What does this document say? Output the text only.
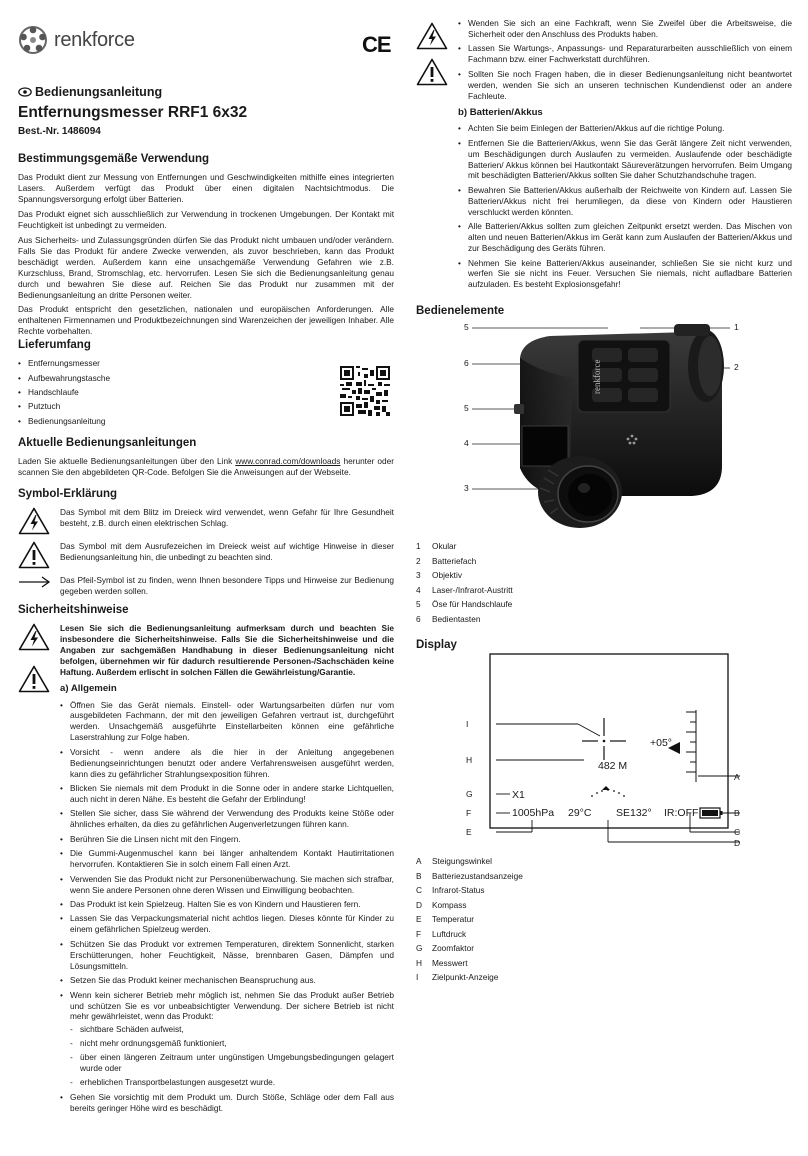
renkforce	CE
Bedienungsanleitung
Entfernungsmesser RRF1 6x32
Best.-Nr. 1486094
Bestimmungsgemäße Verwendung

Das Produkt dient zur Messung von Entfernungen und Geschwindigkeiten mithilfe eines integrierten Lasers. Außerdem verfügt das Produkt über einen digitalen Nachtsichtmodus. Die Spannungsversorgung erfolgt über Batterien.

Das Produkt eignet sich ausschließlich zur Verwendung in trockenen Umgebungen. Der Kontakt mit Feuchtigkeit ist unbedingt zu vermeiden.

Aus Sicherheits- und Zulassungsgründen dürfen Sie das Produkt nicht umbauen und/oder verändern. Falls Sie das Produkt für andere Zwecke verwenden, als zuvor beschrieben, kann das Produkt beschädigt werden. Außerdem kann eine unsachgemäße Verwendung Gefahren wie z.B. Kurzschluss, Brand, Stromschlag, etc. hervorrufen. Lesen Sie sich die Bedienungsanleitung genau durch und bewahren Sie diese auf. Reichen Sie das Produkt nur zusammen mit der Bedienungsanleitung an dritte Personen weiter.

Das Produkt entspricht den gesetzlichen, nationalen und europäischen Anforderungen. Alle enthaltenen Firmennamen und Produktbezeichnungen sind Warenzeichen der jeweiligen Inhaber. Alle Rechte vorbehalten.

Lieferumfang
• Entfernungsmesser
• Aufbewahrungstasche
• Handschlaufe
• Putztuch
• Bedienungsanleitung
Aktuelle Bedienungsanleitungen

Laden Sie aktuelle Bedienungsanleitungen über den Link www.conrad.com/downloads herunter oder scannen Sie den abgebildeten QR-Code. Befolgen Sie die Anweisungen auf der Webseite.

Symbol-Erklärung
Das Symbol mit dem Blitz im Dreieck wird verwendet, wenn Gefahr für Ihre Gesundheit besteht, z.B. durch einen elektrischen Schlag.
Das Symbol mit dem Ausrufezeichen im Dreieck weist auf wichtige Hinweise in dieser Bedienungsanleitung hin, die unbedingt zu beachten sind.
Das Pfeil-Symbol ist zu finden, wenn Ihnen besondere Tipps und Hinweise zur Bedienung gegeben werden sollen.
Sicherheitshinweise

Lesen Sie sich die Bedienungsanleitung aufmerksam durch und beachten Sie insbesondere die Sicherheitshinweise. Falls Sie die Sicherheitshinweise und die Angaben zur sachgemäßen Handhabung in dieser Bedienungsanleitung nicht befolgen, übernehmen wir für dadurch resultierende Personen-/Sachschäden keine Haftung. Außerdem erlischt in solchen Fällen die Gewährleistung/Garantie.

a) Allgemein
• Öffnen Sie das Gerät niemals. Einstell- oder Wartungsarbeiten dürfen nur vom ausgebildeten Fachmann, der mit den jeweiligen Gefahren vertraut ist, durchgeführt werden. Unsachgemäß ausgeführte Einstellarbeiten können eine gefährliche Laserstrahlung zur Folge haben.
• Vorsicht - wenn andere als die hier in der Anleitung angegebenen Bedienungseinrichtungen benutzt oder andere Verfahrensweisen ausgeführt werden, kann dies zu gefährlicher Strahlungsexposition führen.
• Blicken Sie niemals mit dem Produkt in die Sonne oder in andere starke Lichtquellen, auch nicht in deren Nähe. Es besteht die Gefahr der Erblindung!
• Stellen Sie sicher, dass Sie während der Verwendung des Produkts keine Stöße oder ähnliches erhalten, da dies zu gefährlichen Augenverletzungen führen kann.
• Berühren Sie die Linsen nicht mit den Fingern.
• Die Gummi-Augenmuschel kann bei länger anhaltendem Kontakt Hautirritationen hervorrufen. Kontaktieren Sie in solch einem Fall einen Arzt.
• Verwenden Sie das Produkt nicht zur Personenüberwachung. Sie machen sich strafbar, wenn Sie andere Personen ohne deren Wissen und Einwilligung beobachten.
• Das Produkt ist kein Spielzeug. Halten Sie es von Kindern und Haustieren fern.
• Lassen Sie das Verpackungsmaterial nicht achtlos liegen. Dieses könnte für Kinder zu einem gefährlichen Spielzeug werden.
• Schützen Sie das Produkt vor extremen Temperaturen, direktem Sonnenlicht, starken Erschütterungen, hoher Feuchtigkeit, Nässe, brennbaren Gasen, Dämpfen und Lösungsmitteln.
• Setzen Sie das Produkt keiner mechanischen Beanspruchung aus.
• Wenn kein sicherer Betrieb mehr möglich ist, nehmen Sie das Produkt außer Betrieb und schützen Sie es vor unbeabsichtigter Verwendung. Der sichere Betrieb ist nicht mehr gewährleistet, wenn das Produkt:
- sichtbare Schäden aufweist,
- nicht mehr ordnungsgemäß funktioniert,
- über einen längeren Zeitraum unter ungünstigen Umgebungsbedingungen gelagert wurde oder
- erheblichen Transportbelastungen ausgesetzt wurde.
• Gehen Sie vorsichtig mit dem Produkt um. Durch Stöße, Schläge oder dem Fall aus bereits geringer Höhe wird es beschädigt.
• Wenden Sie sich an eine Fachkraft, wenn Sie Zweifel über die Arbeitsweise, die Sicherheit oder den Anschluss des Produkts haben.
• Lassen Sie Wartungs-, Anpassungs- und Reparaturarbeiten ausschließlich von einem Fachmann bzw. einer Fachwerkstatt durchführen.
• Sollten Sie noch Fragen haben, die in dieser Bedienungsanleitung nicht beantwortet werden, wenden Sie sich an unseren technischen Kundendienst oder an andere Fachleute.
b) Batterien/Akkus
• Achten Sie beim Einlegen der Batterien/Akkus auf die richtige Polung.
• Entfernen Sie die Batterien/Akkus, wenn Sie das Gerät längere Zeit nicht verwenden, um Beschädigungen durch Auslaufen zu vermeiden. Auslaufende oder beschädigte Batterien/ Akkus können bei Hautkontakt Säureverätzungen hervorrufen. Beim Umgang mit beschädigten Batterien/Akkus sollten Sie daher Schutzhandschuhe tragen.
• Bewahren Sie Batterien/Akkus außerhalb der Reichweite von Kindern auf. Lassen Sie Batterien/Akkus nicht frei herumliegen, da diese von Kindern oder Haustieren verschluckt werden könnten.
• Alle Batterien/Akkus sollten zum gleichen Zeitpunkt ersetzt werden. Das Mischen von alten und neuen Batterien/Akkus im Gerät kann zum Auslaufen der Batterien/Akkus und zur Beschädigung des Geräts führen.
• Nehmen Sie keine Batterien/Akkus auseinander, schließen Sie sie nicht kurz und werfen Sie sie nicht ins Feuer. Versuchen Sie niemals, nicht aufladbare Batterien aufzuladen. Es besteht Explosionsgefahr!
Bedienelemente
renkforce
5	1
6	2
5
4
3
1	Okular
2	Batteriefach
3	Objektiv
4	Laser-/Infrarot-Austritt
5	Öse für Handschlaufe
6	Bedientasten
Display
482 M
+05°
X1
1005hPa 29°C SE132° IR:OFF
I
H
G
F
E
A
B
C
D
A	Steigungswinkel
B	Batteriezustandsanzeige
C	Infrarot-Status
D	Kompass
E	Temperatur
F	Luftdruck
G	Zoomfaktor
H	Messwert
I	Zielpunkt-Anzeige
